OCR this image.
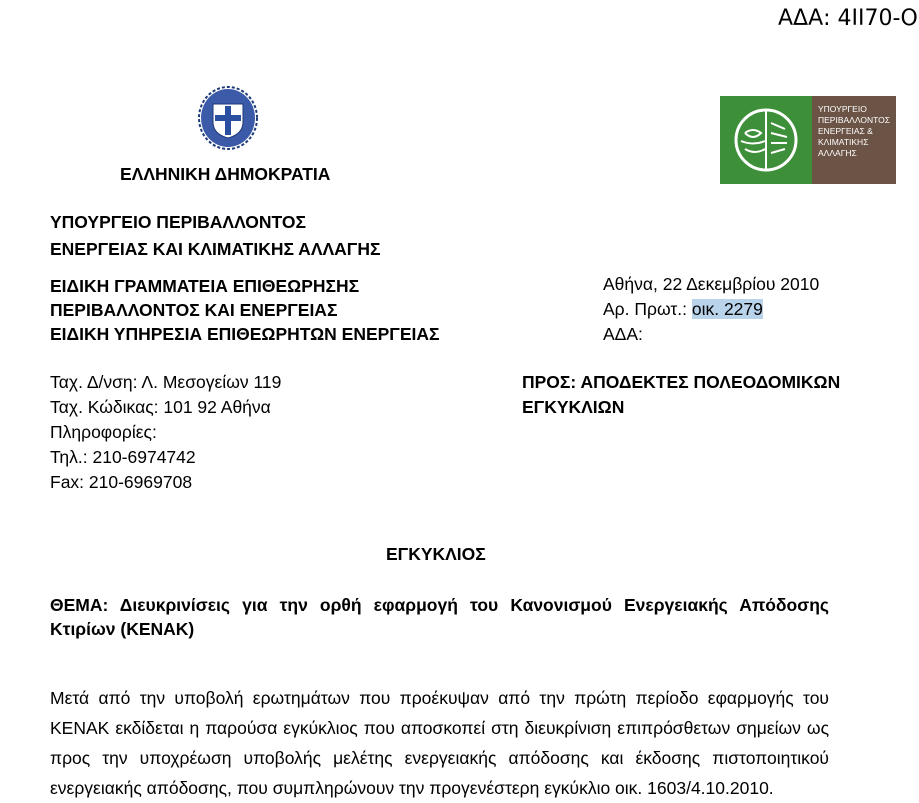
ΑΔΑ: 4ΙΙ70-Ο
ΕΛΛΗΝΙΚΗ ΔΗΜΟΚΡΑΤΙΑ
ΥΠΟΥΡΓΕΙΟ ΠΕΡΙΒΑΛΛΟΝΤΟΣ
ΕΝΕΡΓΕΙΑΣ ΚΑΙ ΚΛΙΜΑΤΙΚΗΣ ΑΛΛΑΓΗΣ
ΕΙΔΙΚΗ ΓΡΑΜΜΑΤΕΙΑ ΕΠΙΘΕΩΡΗΣΗΣ
ΠΕΡΙΒΑΛΛΟΝΤΟΣ ΚΑΙ ΕΝΕΡΓΕΙΑΣ
ΕΙΔΙΚΗ ΥΠΗΡΕΣΙΑ ΕΠΙΘΕΩΡΗΤΩΝ ΕΝΕΡΓΕΙΑΣ
ΥΠΟΥΡΓΕΙΟ
ΠΕΡΙΒΑΛΛΟΝΤΟΣ
ΕΝΕΡΓΕΙΑΣ &
ΚΛΙΜΑΤΙΚΗΣ
ΑΛΛΑΓΗΣ
Αθήνα, 22 Δεκεμβρίου 2010
Αρ. Πρωτ.: οικ. 2279
ΑΔΑ:
Ταχ. Δ/νση: Λ. Μεσογείων 119
Ταχ. Κώδικας: 101 92 Αθήνα
Πληροφορίες:
Τηλ.: 210-6974742
Fax: 210-6969708
ΠΡΟΣ: ΑΠΟΔΕΚΤΕΣ ΠΟΛΕΟΔΟΜΙΚΩΝ
ΕΓΚΥΚΛΙΩΝ
ΕΓΚΥΚΛΙΟΣ
ΘΕΜΑ: Διευκρινίσεις για την ορθή εφαρμογή του Κανονισμού Ενεργειακής Απόδοσης
Κτιρίων (ΚΕΝΑΚ)
Μετά από την υποβολή ερωτημάτων που προέκυψαν από την πρώτη περίοδο εφαρμογής του
ΚΕΝΑΚ εκδίδεται η παρούσα εγκύκλιος που αποσκοπεί στη διευκρίνιση επιπρόσθετων σημείων ως
προς την υποχρέωση υποβολής μελέτης ενεργειακής απόδοσης και έκδοσης πιστοποιητικού
ενεργειακής απόδοσης, που συμπληρώνουν την προγενέστερη εγκύκλιο οικ. 1603/4.10.2010.
